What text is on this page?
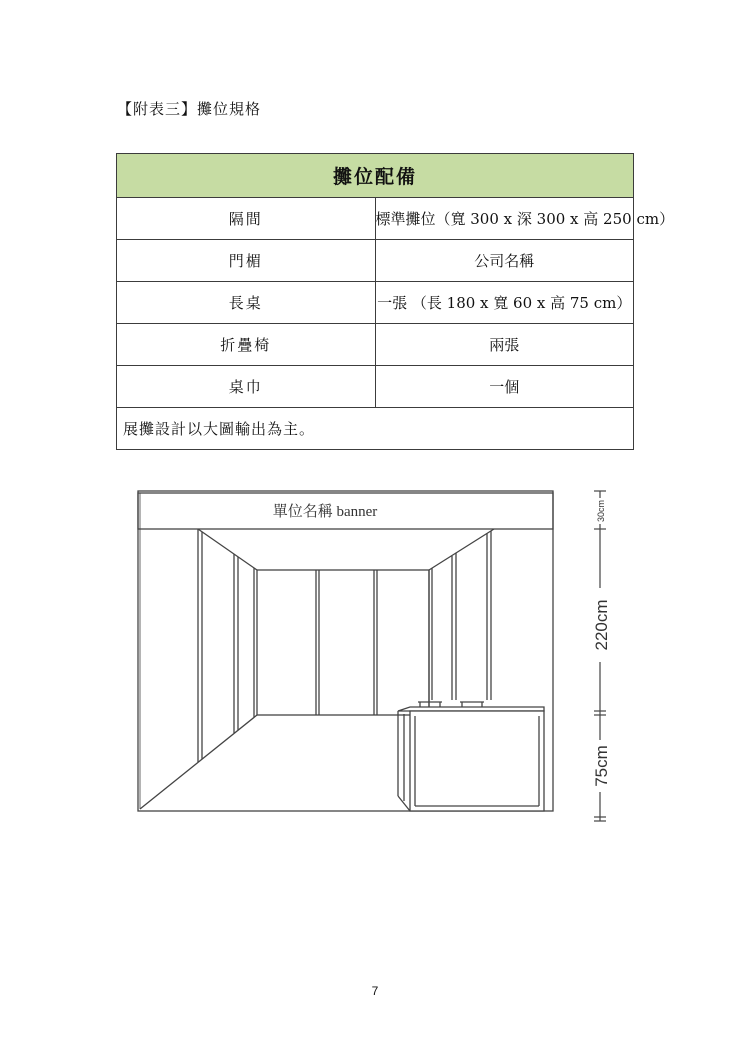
【附表三】攤位規格
攤位配備	
隔間	標準攤位（寬 300 x 深 300 x 高 250 cm）
門楣	公司名稱
長桌	一張 （長 180 x 寬 60 x 高 75 cm）
折疊椅	兩張
桌巾	一個
展攤設計以大圖輸出為主。	
單位名稱 banner	30cm
220cm
75cm
7
